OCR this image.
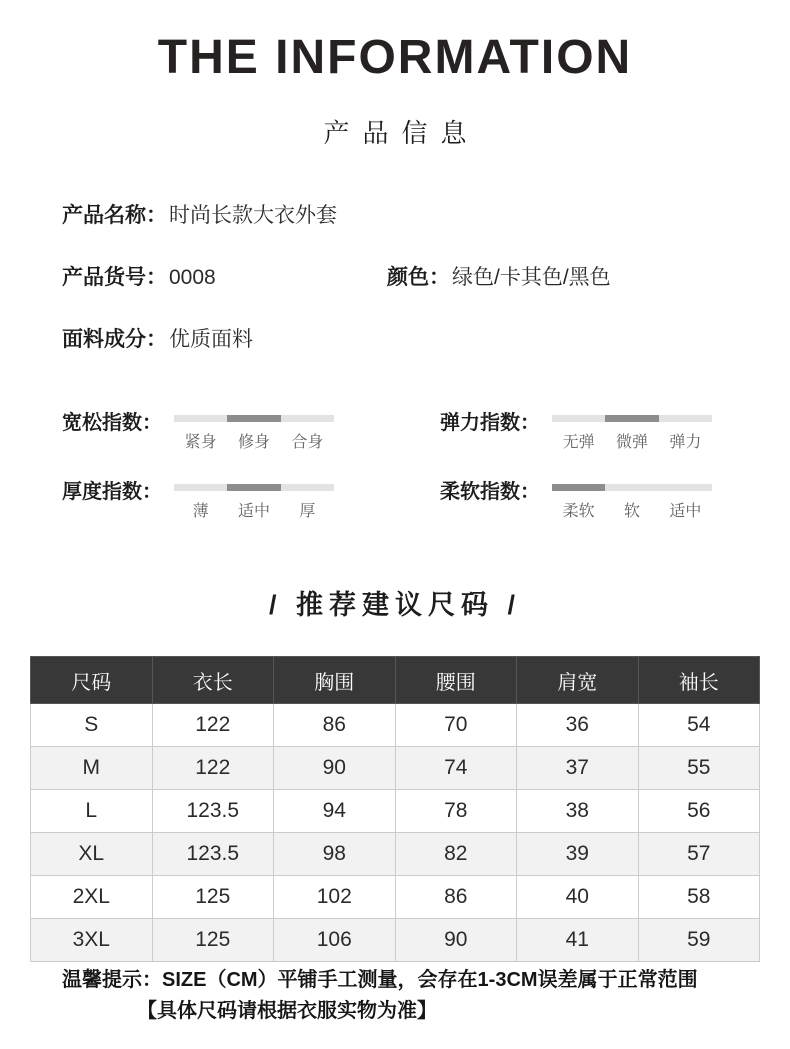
THE INFORMATION
产品信息
产品名称：时尚长款大衣外套
产品货号：0008	颜色：绿色/卡其色/黑色
面料成分：优质面料
宽松指数：
紧身	修身	合身
弹力指数：
无弹	微弹	弹力
厚度指数：
薄	适中	厚
柔软指数：
柔软	软	适中
/ 推荐建议尺码 /
尺码	衣长	胸围	腰围	肩宽	袖长
S	122	86	70	36	54
M	122	90	74	37	55
L	123.5	94	78	38	56
XL	123.5	98	82	39	57
2XL	125	102	86	40	58
3XL	125	106	90	41	59
温馨提示：SIZE（CM）平铺手工测量，会存在1-3CM误差属于正常范围
【具体尺码请根据衣服实物为准】
